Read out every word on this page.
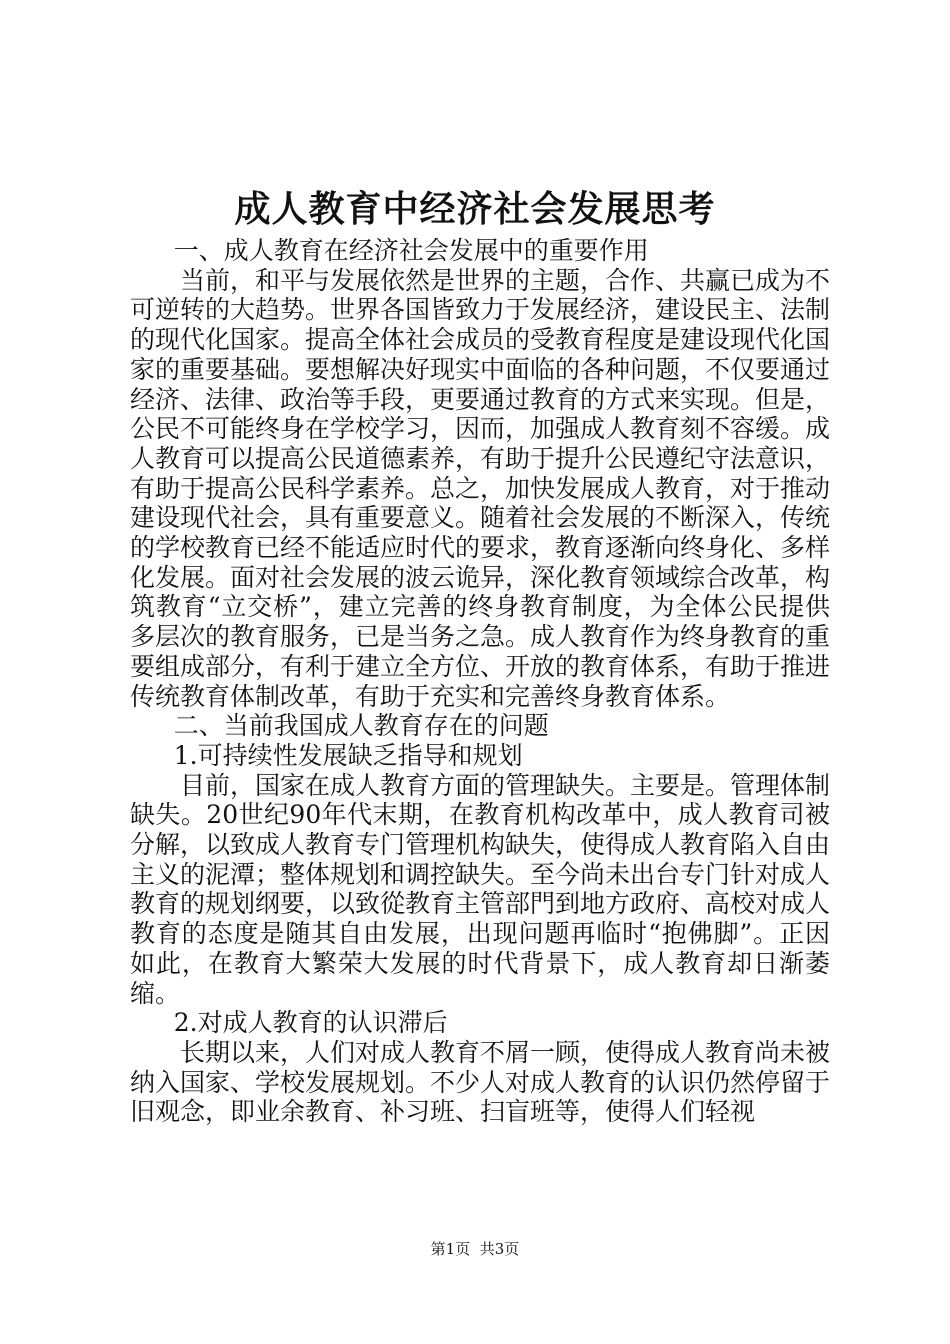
成人教育中经济社会发展思考

一、成人教育在经济社会发展中的重要作用

当前，和平与发展依然是世界的主题，合作、共赢已成为不可逆转的大趋势。世界各国皆致力于发展经济，建设民主、法制的现代化国家。提高全体社会成员的受教育程度是建设现代化国家的重要基础。要想解决好现实中面临的各种问题，不仅要通过经济、法律、政治等手段，更要通过教育的方式来实现。但是，公民不可能终身在学校学习，因而，加强成人教育刻不容缓。成人教育可以提高公民道德素养，有助于提升公民遵纪守法意识，有助于提高公民科学素养。总之，加快发展成人教育，对于推动建设现代社会，具有重要意义。随着社会发展的不断深入，传统的学校教育已经不能适应时代的要求，教育逐渐向终身化、多样化发展。面对社会发展的波云诡异，深化教育领域综合改革，构筑教育“立交桥”，建立完善的终身教育制度，为全体公民提供多层次的教育服务，已是当务之急。成人教育作为终身教育的重要组成部分，有利于建立全方位、开放的教育体系，有助于推进传统教育体制改革，有助于充实和完善终身教育体系。

二、当前我国成人教育存在的问题

1.可持续性发展缺乏指导和规划

目前，国家在成人教育方面的管理缺失。主要是。管理体制缺失。20世纪90年代末期，在教育机构改革中，成人教育司被分解，以致成人教育专门管理机构缺失，使得成人教育陷入自由主义的泥潭；整体规划和调控缺失。至今尚未出台专门针对成人教育的规划纲要，以致從教育主管部門到地方政府、高校对成人教育的态度是随其自由发展，出现问题再临时“抱佛脚”。正因如此，在教育大繁荣大发展的时代背景下，成人教育却日渐萎缩。

2.对成人教育的认识滞后

长期以来，人们对成人教育不屑一顾，使得成人教育尚未被纳入国家、学校发展规划。不少人对成人教育的认识仍然停留于旧观念，即业余教育、补习班、扫盲班等，使得人们轻视

第1页 共3页
